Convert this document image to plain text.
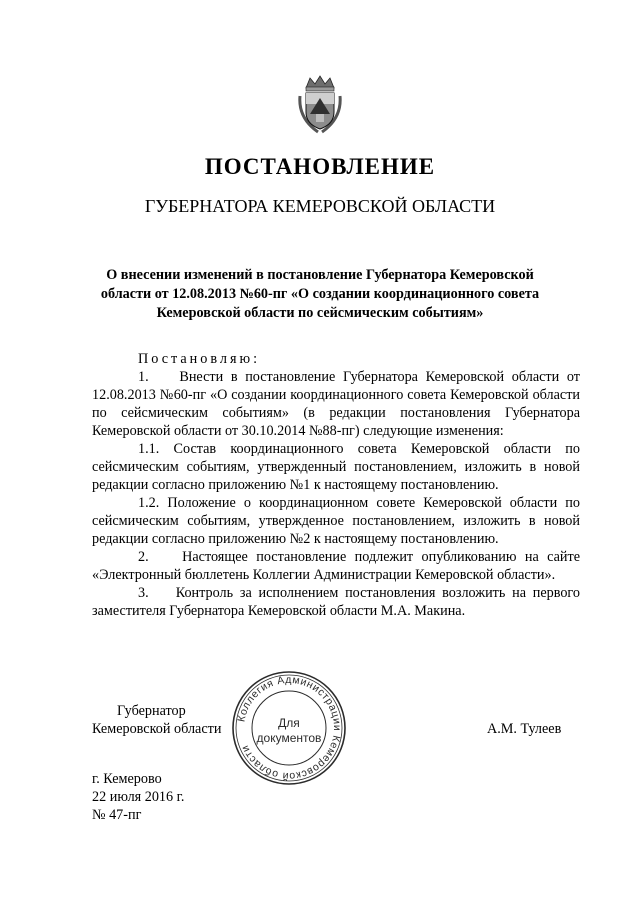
ПОСТАНОВЛЕНИЕ
ГУБЕРНАТОРА КЕМЕРОВСКОЙ ОБЛАСТИ
О внесении изменений в постановление Губернатора Кемеровской
области от 12.08.2013 №60-пг «О создании координационного совета
Кемеровской области по сейсмическим событиям»

Постановляю:

1.    Внести в постановление Губернатора Кемеровской области от 12.08.2013 №60-пг «О создании координационного совета Кемеровской области по сейсмическим событиям» (в редакции постановления Губернатора Кемеровской области от 30.10.2014 №88-пг) следующие изменения:

1.1. Состав координационного совета Кемеровской области по сейсмическим событиям, утвержденный постановлением, изложить в новой редакции согласно приложению №1 к настоящему постановлению.

1.2. Положение о координационном совете Кемеровской области по сейсмическим событиям, утвержденное постановлением, изложить в новой редакции согласно приложению №2 к настоящему постановлению.

2.    Настоящее постановление подлежит опубликованию на сайте «Электронный бюллетень Коллегии Администрации Кемеровской области».

3.    Контроль за исполнением постановления возложить на первого заместителя Губернатора Кемеровской области М.А. Макина.

Губернатор
Кемеровской области	А.М. Тулеев
Коллегия Администрации Кемеровской области
Для
документов
г. Кемерово
22 июля 2016 г.
№ 47-пг
